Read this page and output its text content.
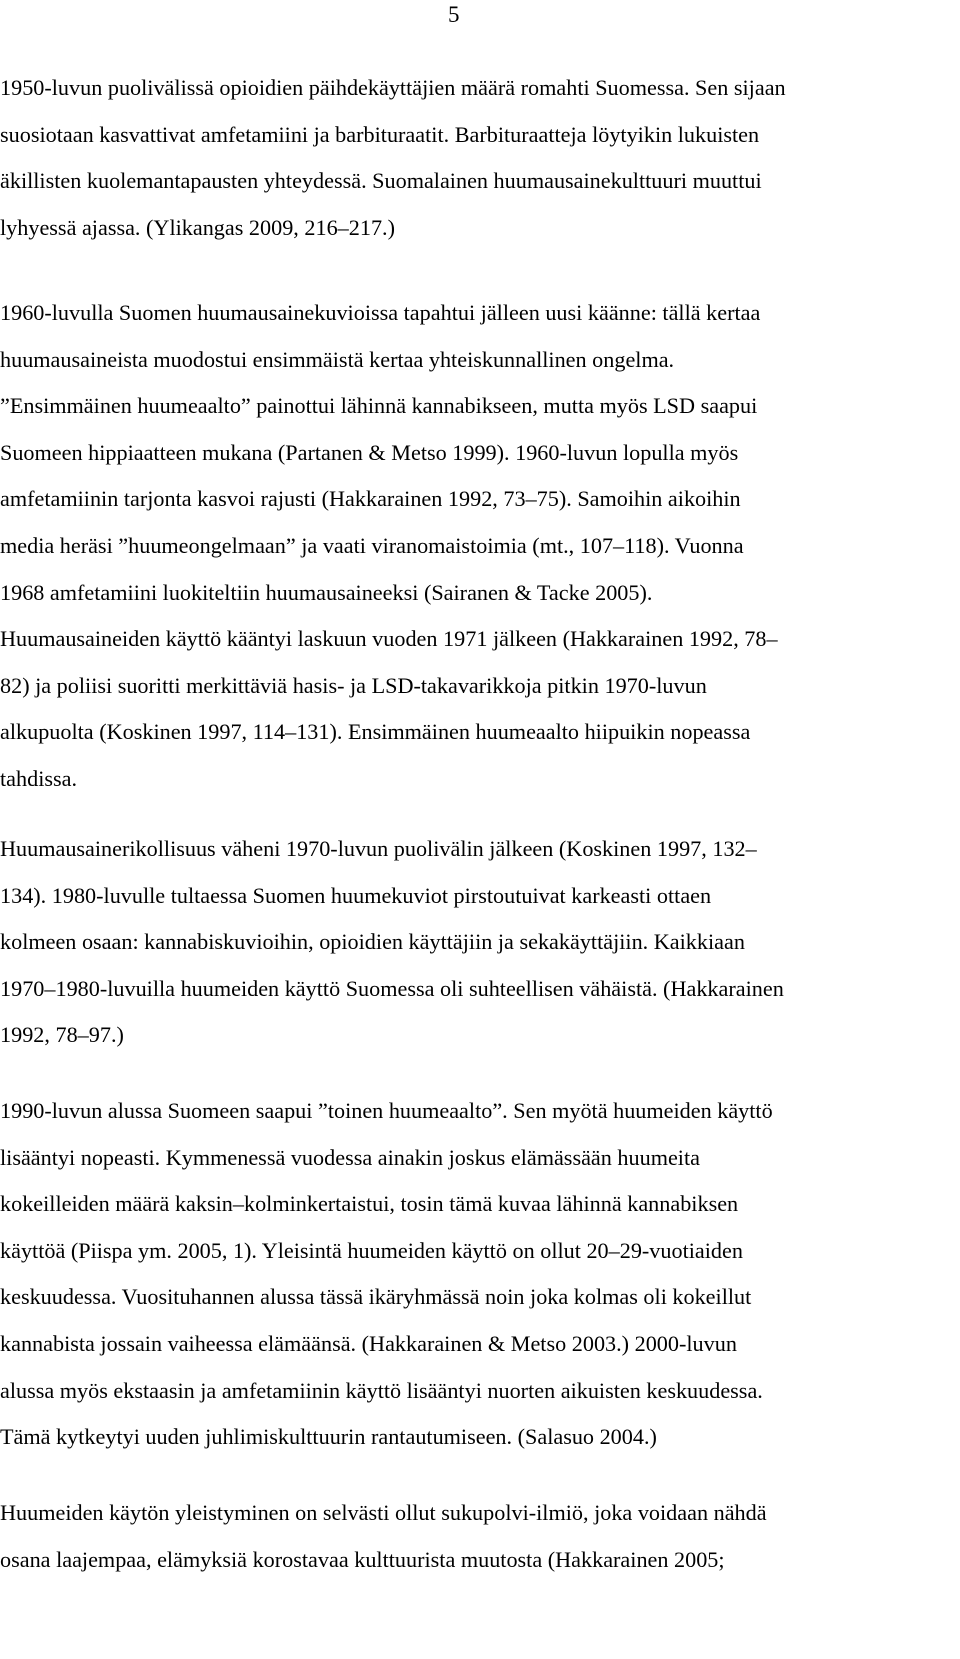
5

1950-luvun puolivälissä opioidien päihdekäyttäjien määrä romahti Suomessa. Sen sijaan
suosiotaan kasvattivat amfetamiini ja barbituraatit. Barbituraatteja löytyikin lukuisten
äkillisten kuolemantapausten yhteydessä. Suomalainen huumausainekulttuuri muuttui
lyhyessä ajassa. (Ylikangas 2009, 216–217.)

1960-luvulla Suomen huumausainekuvioissa tapahtui jälleen uusi käänne: tällä kertaa
huumausaineista muodostui ensimmäistä kertaa yhteiskunnallinen ongelma.
”Ensimmäinen huumeaalto” painottui lähinnä kannabikseen, mutta myös LSD saapui
Suomeen hippiaatteen mukana (Partanen & Metso 1999). 1960-luvun lopulla myös
amfetamiinin tarjonta kasvoi rajusti (Hakkarainen 1992, 73–75). Samoihin aikoihin
media heräsi ”huumeongelmaan” ja vaati viranomaistoimia (mt., 107–118). Vuonna
1968 amfetamiini luokiteltiin huumausaineeksi (Sairanen & Tacke 2005).
Huumausaineiden käyttö kääntyi laskuun vuoden 1971 jälkeen (Hakkarainen 1992, 78–
82) ja poliisi suoritti merkittäviä hasis- ja LSD-takavarikkoja pitkin 1970-luvun
alkupuolta (Koskinen 1997, 114–131). Ensimmäinen huumeaalto hiipuikin nopeassa
tahdissa.

Huumausainerikollisuus väheni 1970-luvun puolivälin jälkeen (Koskinen 1997, 132–
134). 1980-luvulle tultaessa Suomen huumekuviot pirstoutuivat karkeasti ottaen
kolmeen osaan: kannabiskuvioihin, opioidien käyttäjiin ja sekakäyttäjiin. Kaikkiaan
1970–1980-luvuilla huumeiden käyttö Suomessa oli suhteellisen vähäistä. (Hakkarainen
1992, 78–97.)

1990-luvun alussa Suomeen saapui ”toinen huumeaalto”. Sen myötä huumeiden käyttö
lisääntyi nopeasti. Kymmenessä vuodessa ainakin joskus elämässään huumeita
kokeilleiden määrä kaksin–kolminkertaistui, tosin tämä kuvaa lähinnä kannabiksen
käyttöä (Piispa ym. 2005, 1). Yleisintä huumeiden käyttö on ollut 20–29-vuotiaiden
keskuudessa. Vuosituhannen alussa tässä ikäryhmässä noin joka kolmas oli kokeillut
kannabista jossain vaiheessa elämäänsä. (Hakkarainen & Metso 2003.) 2000-luvun
alussa myös ekstaasin ja amfetamiinin käyttö lisääntyi nuorten aikuisten keskuudessa.
Tämä kytkeytyi uuden juhlimiskulttuurin rantautumiseen. (Salasuo 2004.)

Huumeiden käytön yleistyminen on selvästi ollut sukupolvi-ilmiö, joka voidaan nähdä
osana laajempaa, elämyksiä korostavaa kulttuurista muutosta (Hakkarainen 2005;
